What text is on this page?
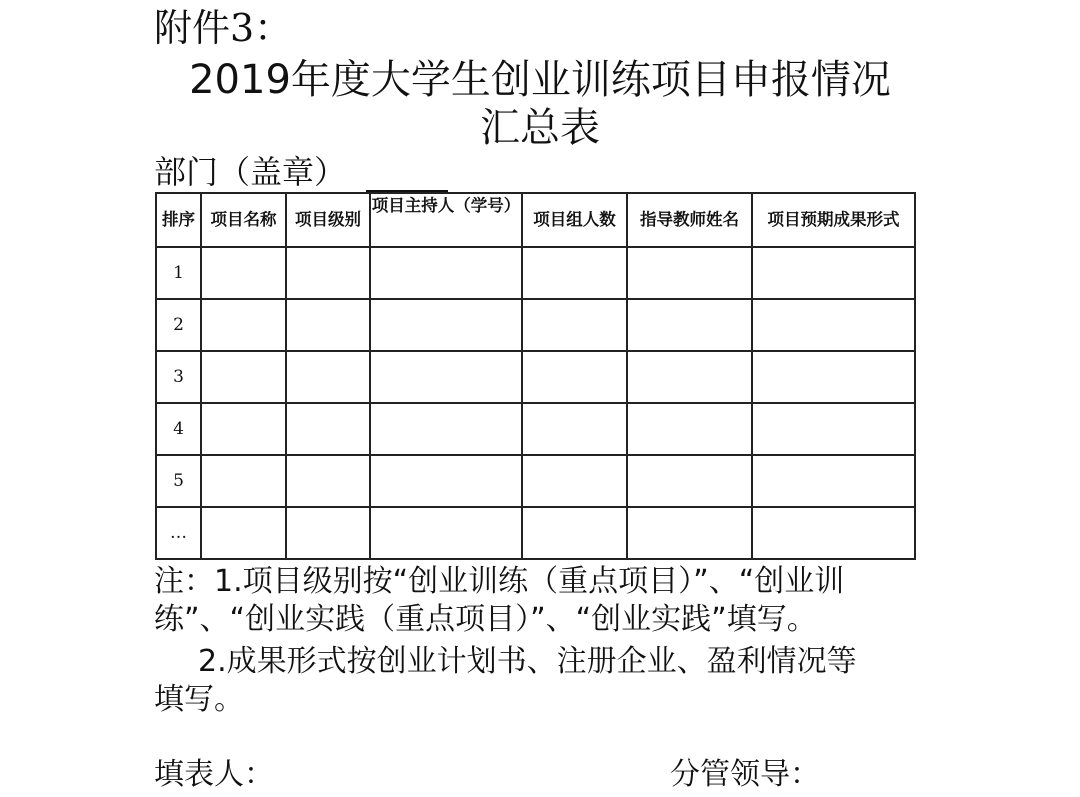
附件3：
2019年度大学生创业训练项目申报情况
汇总表
部门（盖章）
排序	项目名称	项目级别	项目主持人（学号）	项目组人数	指导教师姓名	项目预期成果形式
1						
2						
3						
4						
5						
…						

注：1.项目级别按“创业训练（重点项目）”、“创业训练”、“创业实践（重点项目）”、“创业实践”填写。

2.成果形式按创业计划书、注册企业、盈利情况等填写。

填表人：	分管领导：
